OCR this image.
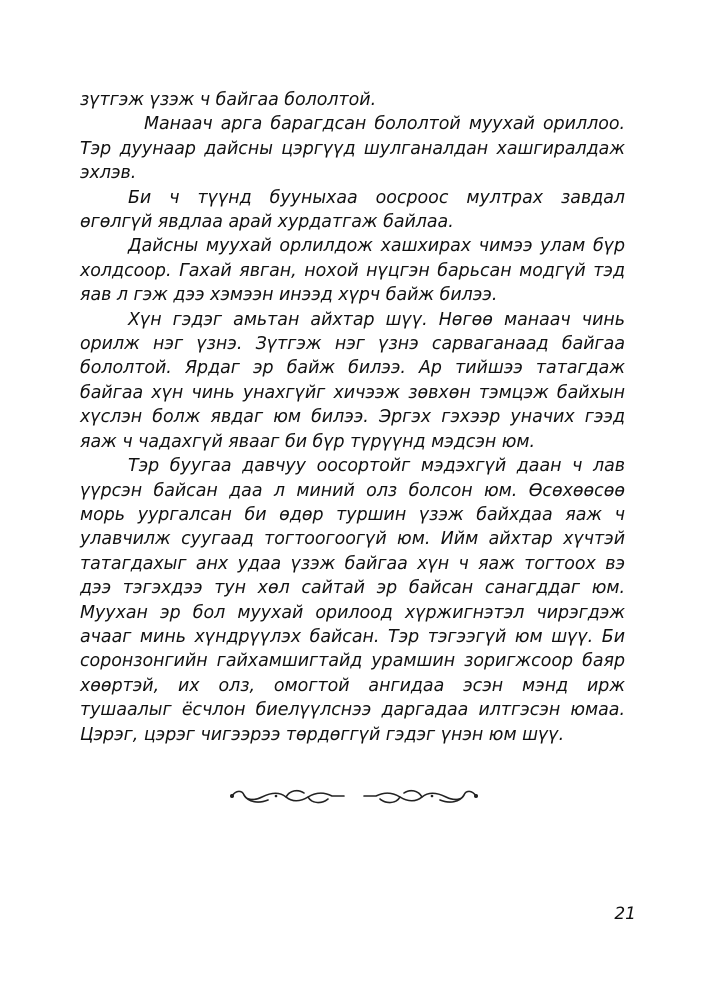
зүтгэж үзэж ч байгаа бололтой.

Манаач арга барагдсан бололтой муухай ориллоо. Тэр дуунаар дайсны цэргүүд шулганалдан хашгиралдаж эхлэв.

Би ч түүнд бууныхаа оосроос мултрах завдал өгөлгүй явдлаа арай хурдатгаж байлаа.

Дайсны муухай орлилдож хашхирах чимээ улам бүр холдсоор. Гахай явган, нохой нүцгэн барьсан модгүй тэд яав л гэж дээ хэмээн инээд хүрч байж билээ.

Хүн гэдэг амьтан айхтар шүү. Нөгөө манаач чинь орилж нэг үзнэ. Зүтгэж нэг үзнэ сарваганаад байгаа бололтой. Ярдаг эр байж билээ. Ар тийшээ татагдаж байгаа хүн чинь унахгүйг хичээж зөвхөн тэмцэж байхын хүслэн болж явдаг юм билээ. Эргэх гэхээр уначих гээд яаж ч чадахгүй явааг би бүр түрүүнд мэдсэн юм.

Тэр буугаа давчуу оосортойг мэдэхгүй даан ч лав үүрсэн байсан даа л миний олз болсон юм. Өсөхөөсөө морь уургалсан би өдөр туршин үзэж байхдаа яаж ч улавчилж суугаад тогтоогоогүй юм. Ийм айхтар хүчтэй татагдахыг анх удаа үзэж байгаа хүн ч яаж тогтоох вэ дээ тэгэхдээ тун хөл сайтай эр байсан санагддаг юм. Муухан эр бол муухай орилоод хүржигнэтэл чирэгдэж ачааг минь хүндрүүлэх байсан. Тэр тэгээгүй юм шүү. Би соронзонгийн гайхамшигтайд урамшин зоригжсоор баяр хөөртэй, их олз, омогтой ангидаа эсэн мэнд ирж тушаалыг ёсчлон биелүүлснээ даргадаа илтгэсэн юмаа. Цэрэг, цэрэг чигээрээ төрдөггүй гэдэг үнэн юм шүү.

21
